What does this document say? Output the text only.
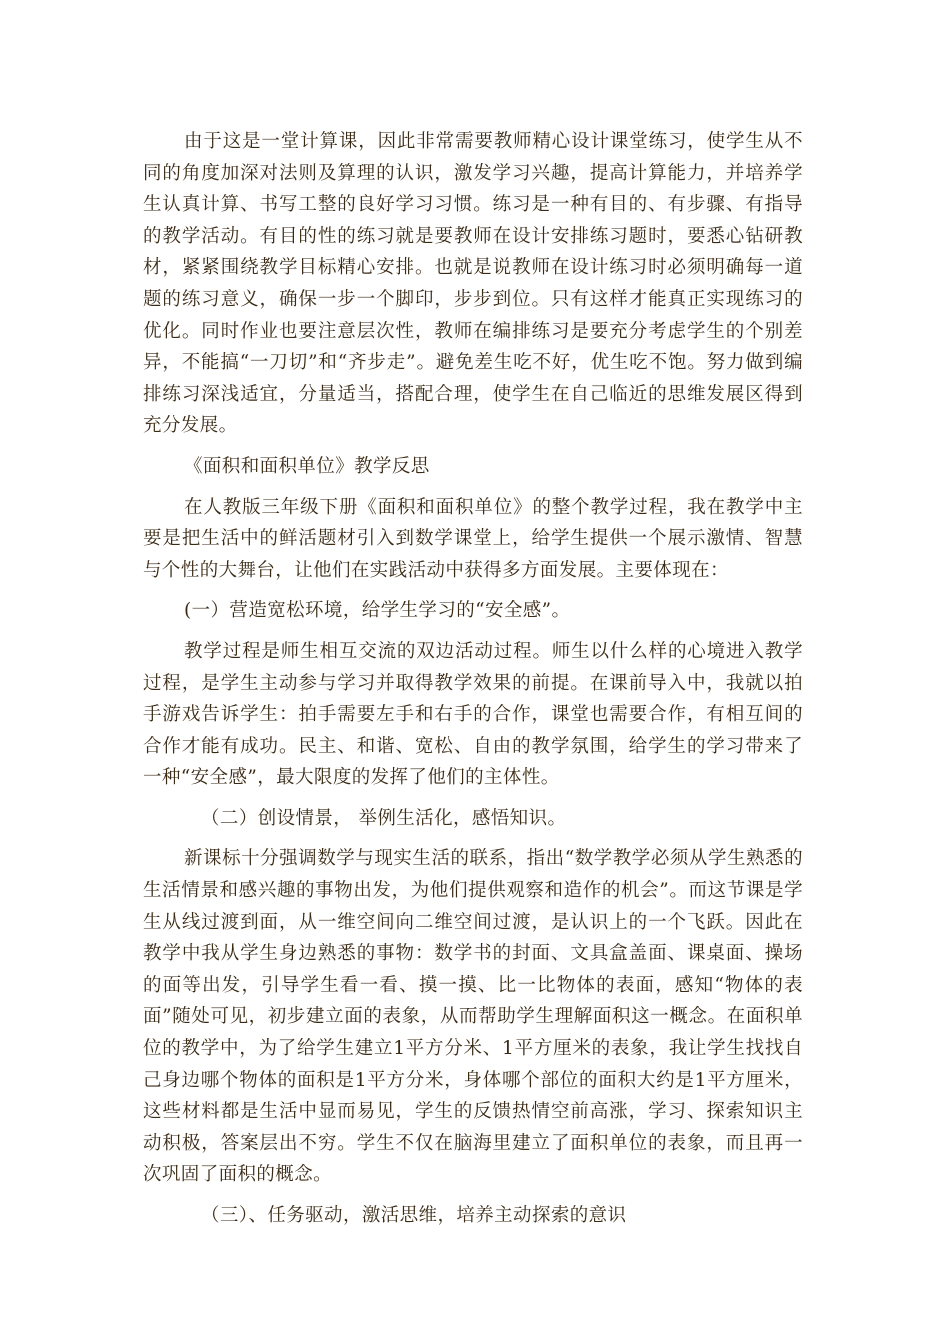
由于这是一堂计算课，因此非常需要教师精心设计课堂练习，使学生从不同的角度加深对法则及算理的认识，激发学习兴趣，提高计算能力，并培养学生认真计算、书写工整的良好学习习惯。练习是一种有目的、有步骤、有指导的教学活动。有目的性的练习就是要教师在设计安排练习题时，要悉心钻研教材，紧紧围绕教学目标精心安排。也就是说教师在设计练习时必须明确每一道题的练习意义，确保一步一个脚印，步步到位。只有这样才能真正实现练习的优化。同时作业也要注意层次性，教师在编排练习是要充分考虑学生的个别差异，不能搞“一刀切”和“齐步走”。避免差生吃不好，优生吃不饱。努力做到编排练习深浅适宜，分量适当，搭配合理，使学生在自己临近的思维发展区得到充分发展。

《面积和面积单位》教学反思

在人教版三年级下册《面积和面积单位》的整个教学过程，我在教学中主要是把生活中的鲜活题材引入到数学课堂上，给学生提供一个展示激情、智慧与个性的大舞台，让他们在实践活动中获得多方面发展。主要体现在：

(一）营造宽松环境，给学生学习的“安全感”。

教学过程是师生相互交流的双边活动过程。师生以什么样的心境进入教学过程，是学生主动参与学习并取得教学效果的前提。在课前导入中，我就以拍手游戏告诉学生：拍手需要左手和右手的合作，课堂也需要合作，有相互间的合作才能有成功。民主、和谐、宽松、自由的教学氛围，给学生的学习带来了一种“安全感”，最大限度的发挥了他们的主体性。

（二）创设情景， 举例生活化，感悟知识。

新课标十分强调数学与现实生活的联系，指出“数学教学必须从学生熟悉的生活情景和感兴趣的事物出发，为他们提供观察和造作的机会”。而这节课是学生从线过渡到面，从一维空间向二维空间过渡，是认识上的一个飞跃。因此在教学中我从学生身边熟悉的事物：数学书的封面、文具盒盖面、课桌面、操场的面等出发，引导学生看一看、摸一摸、比一比物体的表面，感知“物体的表面”随处可见，初步建立面的表象，从而帮助学生理解面积这一概念。在面积单位的教学中，为了给学生建立1平方分米、1平方厘米的表象，我让学生找找自己身边哪个物体的面积是1平方分米，身体哪个部位的面积大约是1平方厘米，这些材料都是生活中显而易见，学生的反馈热情空前高涨，学习、探索知识主动积极，答案层出不穷。学生不仅在脑海里建立了面积单位的表象，而且再一次巩固了面积的概念。

（三）、任务驱动，激活思维，培养主动探索的意识
